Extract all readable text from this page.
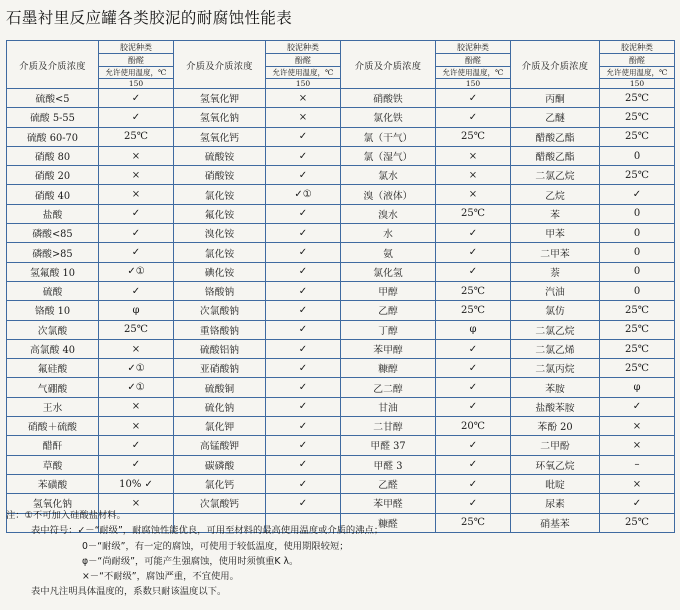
石墨衬里反应罐各类胶泥的耐腐蚀性能表
介质及介质浓度	胶泥种类	介质及介质浓度	胶泥种类	介质及介质浓度	胶泥种类	介质及介质浓度	胶泥种类
	酚醛		酚醛		酚醛		酚醛
	允许使用温度，℃		允许使用温度，℃		允许使用温度，℃		允许使用温度，℃
	150		150		150		150
硫酸<5	✓	氢氧化钾	×	硝酸铁	✓	丙酮	25℃
硫酸 5-55	✓	氢氧化钠	×	氯化铁	✓	乙醚	25℃
硫酸 60-70	25℃	氢氧化钙	✓	氯（干气）	25℃	醋酸乙酯	25℃
硝酸 80	×	硫酸铵	✓	氯（湿气）	×	醋酸乙酯	0
硝酸 20	×	硝酸铵	✓	氯水	×	二氯乙烷	25℃
硝酸 40	×	氯化铵	✓①	溴（液体）	×	乙烷	✓
盐酸	✓	氟化铵	✓	溴水	25℃	苯	0
磷酸<85	✓	溴化铵	✓	水	✓	甲苯	0
磷酸>85	✓	氯化铵	✓	氨	✓	二甲苯	0
氢氟酸 10	✓①	碘化铵	✓	氯化氢	✓	萘	0
硫酸	✓	铬酸钠	✓	甲醇	25℃	汽油	0
铬酸 10	φ	次氯酸钠	✓	乙醇	25℃	氯仿	25℃
次氯酸	25℃	重铬酸钠	✓	丁醇	φ	二氯乙烷	25℃
高氯酸 40	×	硫酸铝钠	✓	苯甲醇	✓	二氯乙烯	25℃
氟硅酸	✓①	亚硝酸钠	✓	糠醇	✓	二氯丙烷	25℃
气硼酸	✓①	硫酸铜	✓	乙二醇	✓	苯胺	φ
王水	×	硫化钠	✓	甘油	✓	盐酸苯胺	✓
硝酸＋硫酸	×	氯化钾	✓	二甘醇	20℃	苯酚 20	×
醋酐	✓	高锰酸钾	✓	甲醛 37	✓	二甲酚	×
草酸	✓	碳磷酸	✓	甲醛 3	✓	环氧乙烷	–
苯磺酸	10% ✓	氯化钙	✓	乙醛	✓	吡啶	×
氢氧化钠	×	次氯酸钙	✓	苯甲醛	✓	尿素	✓
				糠醛	25℃	硝基苯	25℃
注：①不可加入硅酸盐材料。
表中符号：✓－“耐级”，耐腐蚀性能优良，可用至材料的最高使用温度或介质的沸点；
0－“耐级”，有一定的腐蚀，可使用于较低温度，使用期限较短；
φ－“尚耐级”，可能产生强腐蚀，使用时须慎重K λ。
×－“不耐级”，腐蚀严重，不宜使用。
表中凡注明具体温度的，系数只耐该温度以下。
